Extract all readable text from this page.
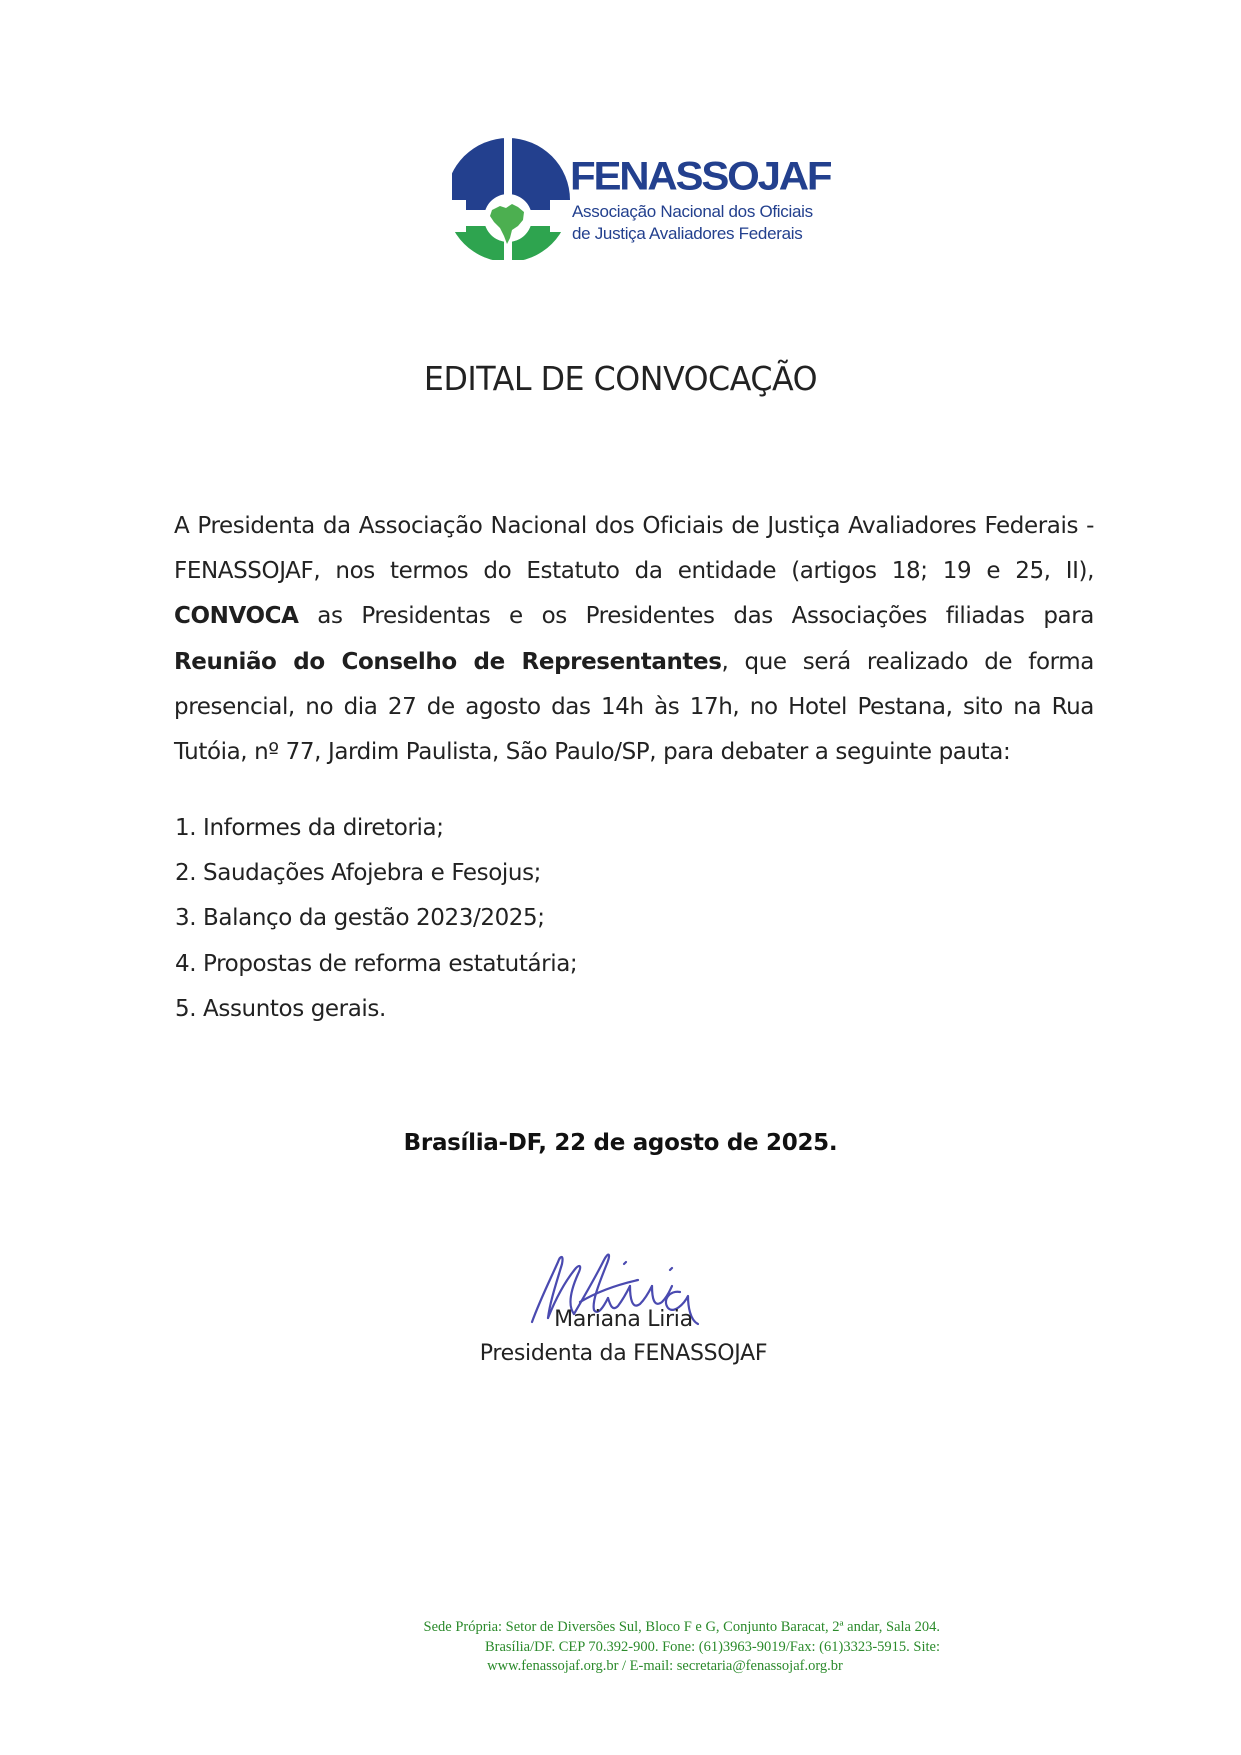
FENASSOJAF
Associação Nacional dos Oficiais
de Justiça Avaliadores Federais
EDITAL DE CONVOCAÇÃO
A Presidenta da Associação Nacional dos Oficiais de Justiça Avaliadores Federais - FENASSOJAF, nos termos do Estatuto da entidade (artigos 18; 19 e 25, II), CONVOCA as Presidentas e os Presidentes das Associações filiadas para Reunião do Conselho de Representantes, que será realizado de forma presencial, no dia 27 de agosto das 14h às 17h, no Hotel Pestana, sito na Rua Tutóia, nº 77, Jardim Paulista, São Paulo/SP, para debater a seguinte pauta:
1. Informes da diretoria;
2. Saudações Afojebra e Fesojus;
3. Balanço da gestão 2023/2025;
4. Propostas de reforma estatutária;
5. Assuntos gerais.
Brasília-DF, 22 de agosto de 2025.
Mariana Liria
Presidenta da FENASSOJAF
Sede Própria: Setor de Diversões Sul, Bloco F e G, Conjunto Baracat, 2ª andar, Sala 204.
Brasília/DF. CEP 70.392-900. Fone: (61)3963-9019/Fax: (61)3323-5915. Site:
www.fenassojaf.org.br / E-mail: secretaria@fenassojaf.org.br
